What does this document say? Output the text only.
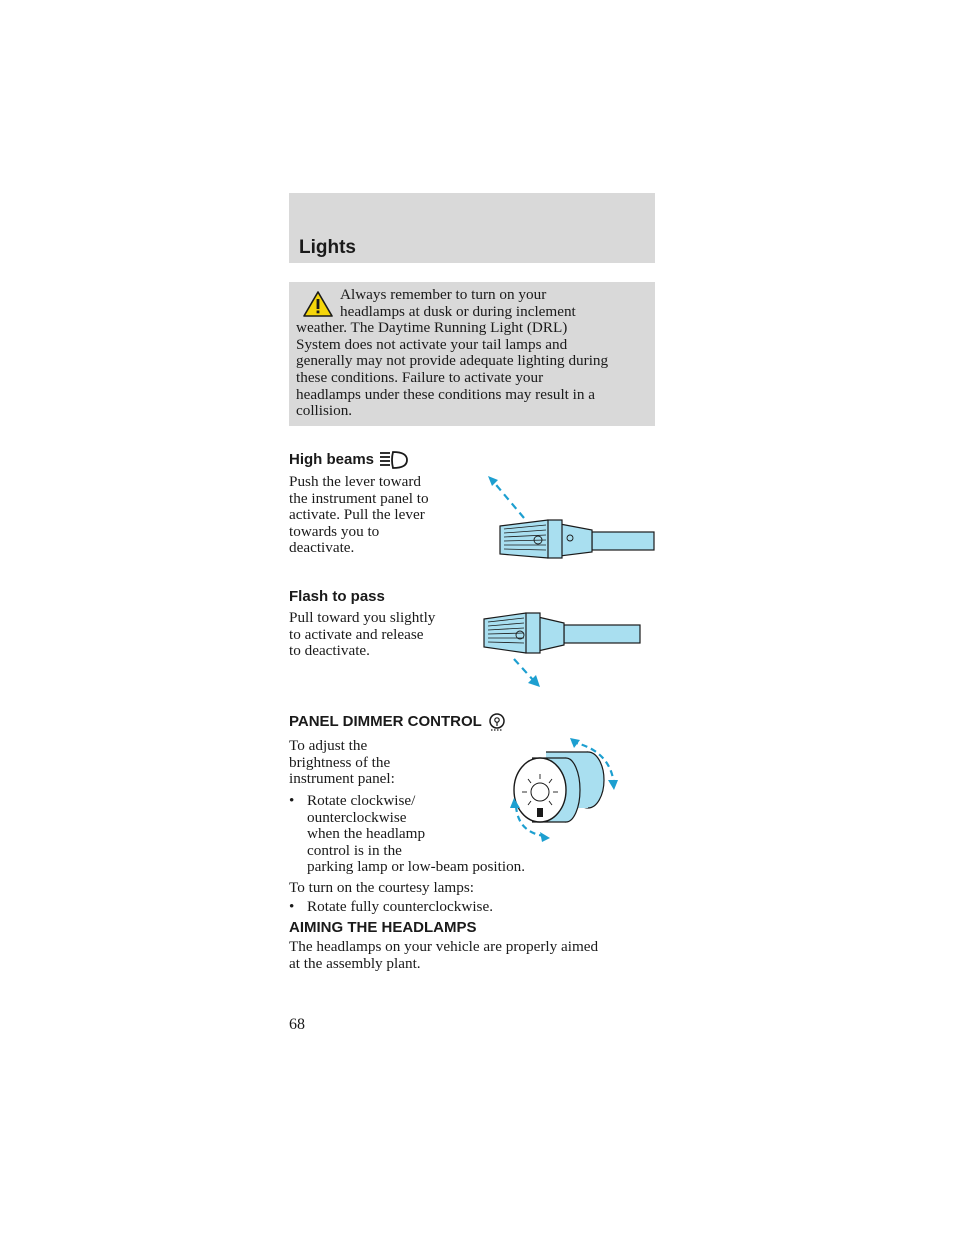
Lights

Always remember to turn on your
headlamps at dusk or during inclement
weather. The Daytime Running Light (DRL)
System does not activate your tail lamps and
generally may not provide adequate lighting during
these conditions. Failure to activate your
headlamps under these conditions may result in a
collision.

High beams

Push the lever toward
the instrument panel to
activate. Pull the lever
towards you to
deactivate.

Flash to pass

Pull toward you slightly
to activate and release
to deactivate.

PANEL DIMMER CONTROL

To adjust the
brightness of the
instrument panel:

• Rotate clockwise/
ounterclockwise
when the headlamp
control is in the
parking lamp or low-beam position.

To turn on the courtesy lamps:

• Rotate fully counterclockwise.
AIMING THE HEADLAMPS

The headlamps on your vehicle are properly aimed
at the assembly plant.

68
